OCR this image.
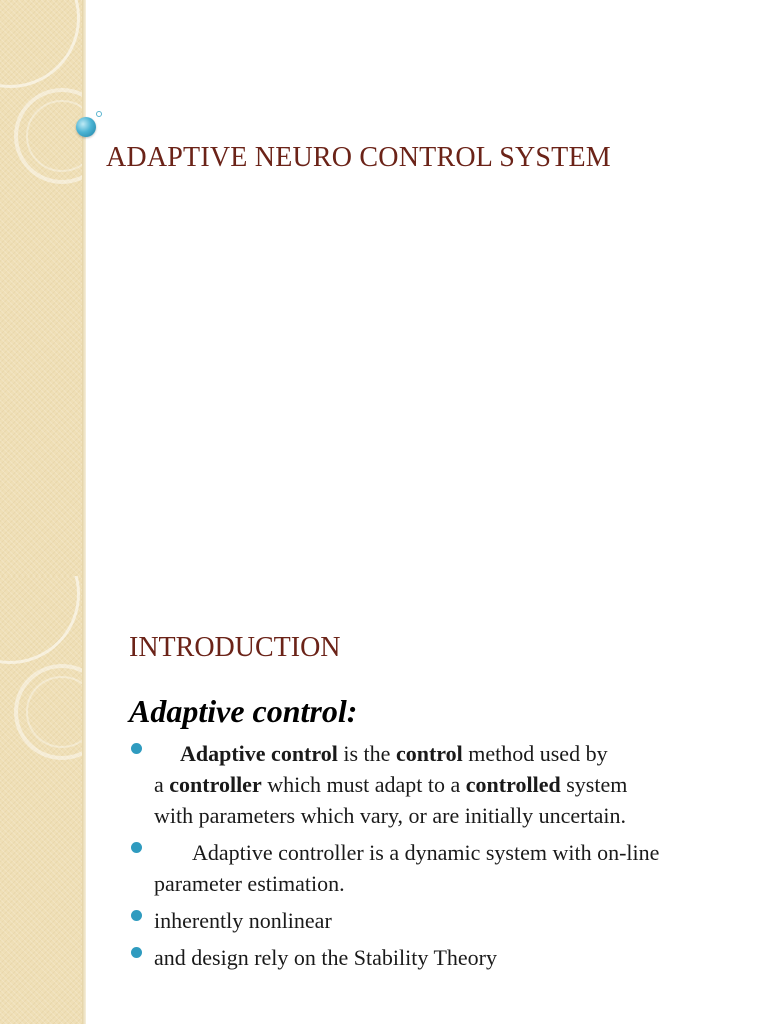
ADAPTIVE NEURO CONTROL SYSTEM
INTRODUCTION
Adaptive control:
Adaptive control is the control method used by
a controller which must adapt to a controlled system
with parameters which vary, or are initially uncertain.
Adaptive controller is a dynamic system with on-line
parameter estimation.
inherently nonlinear
and design rely on the Stability Theory
